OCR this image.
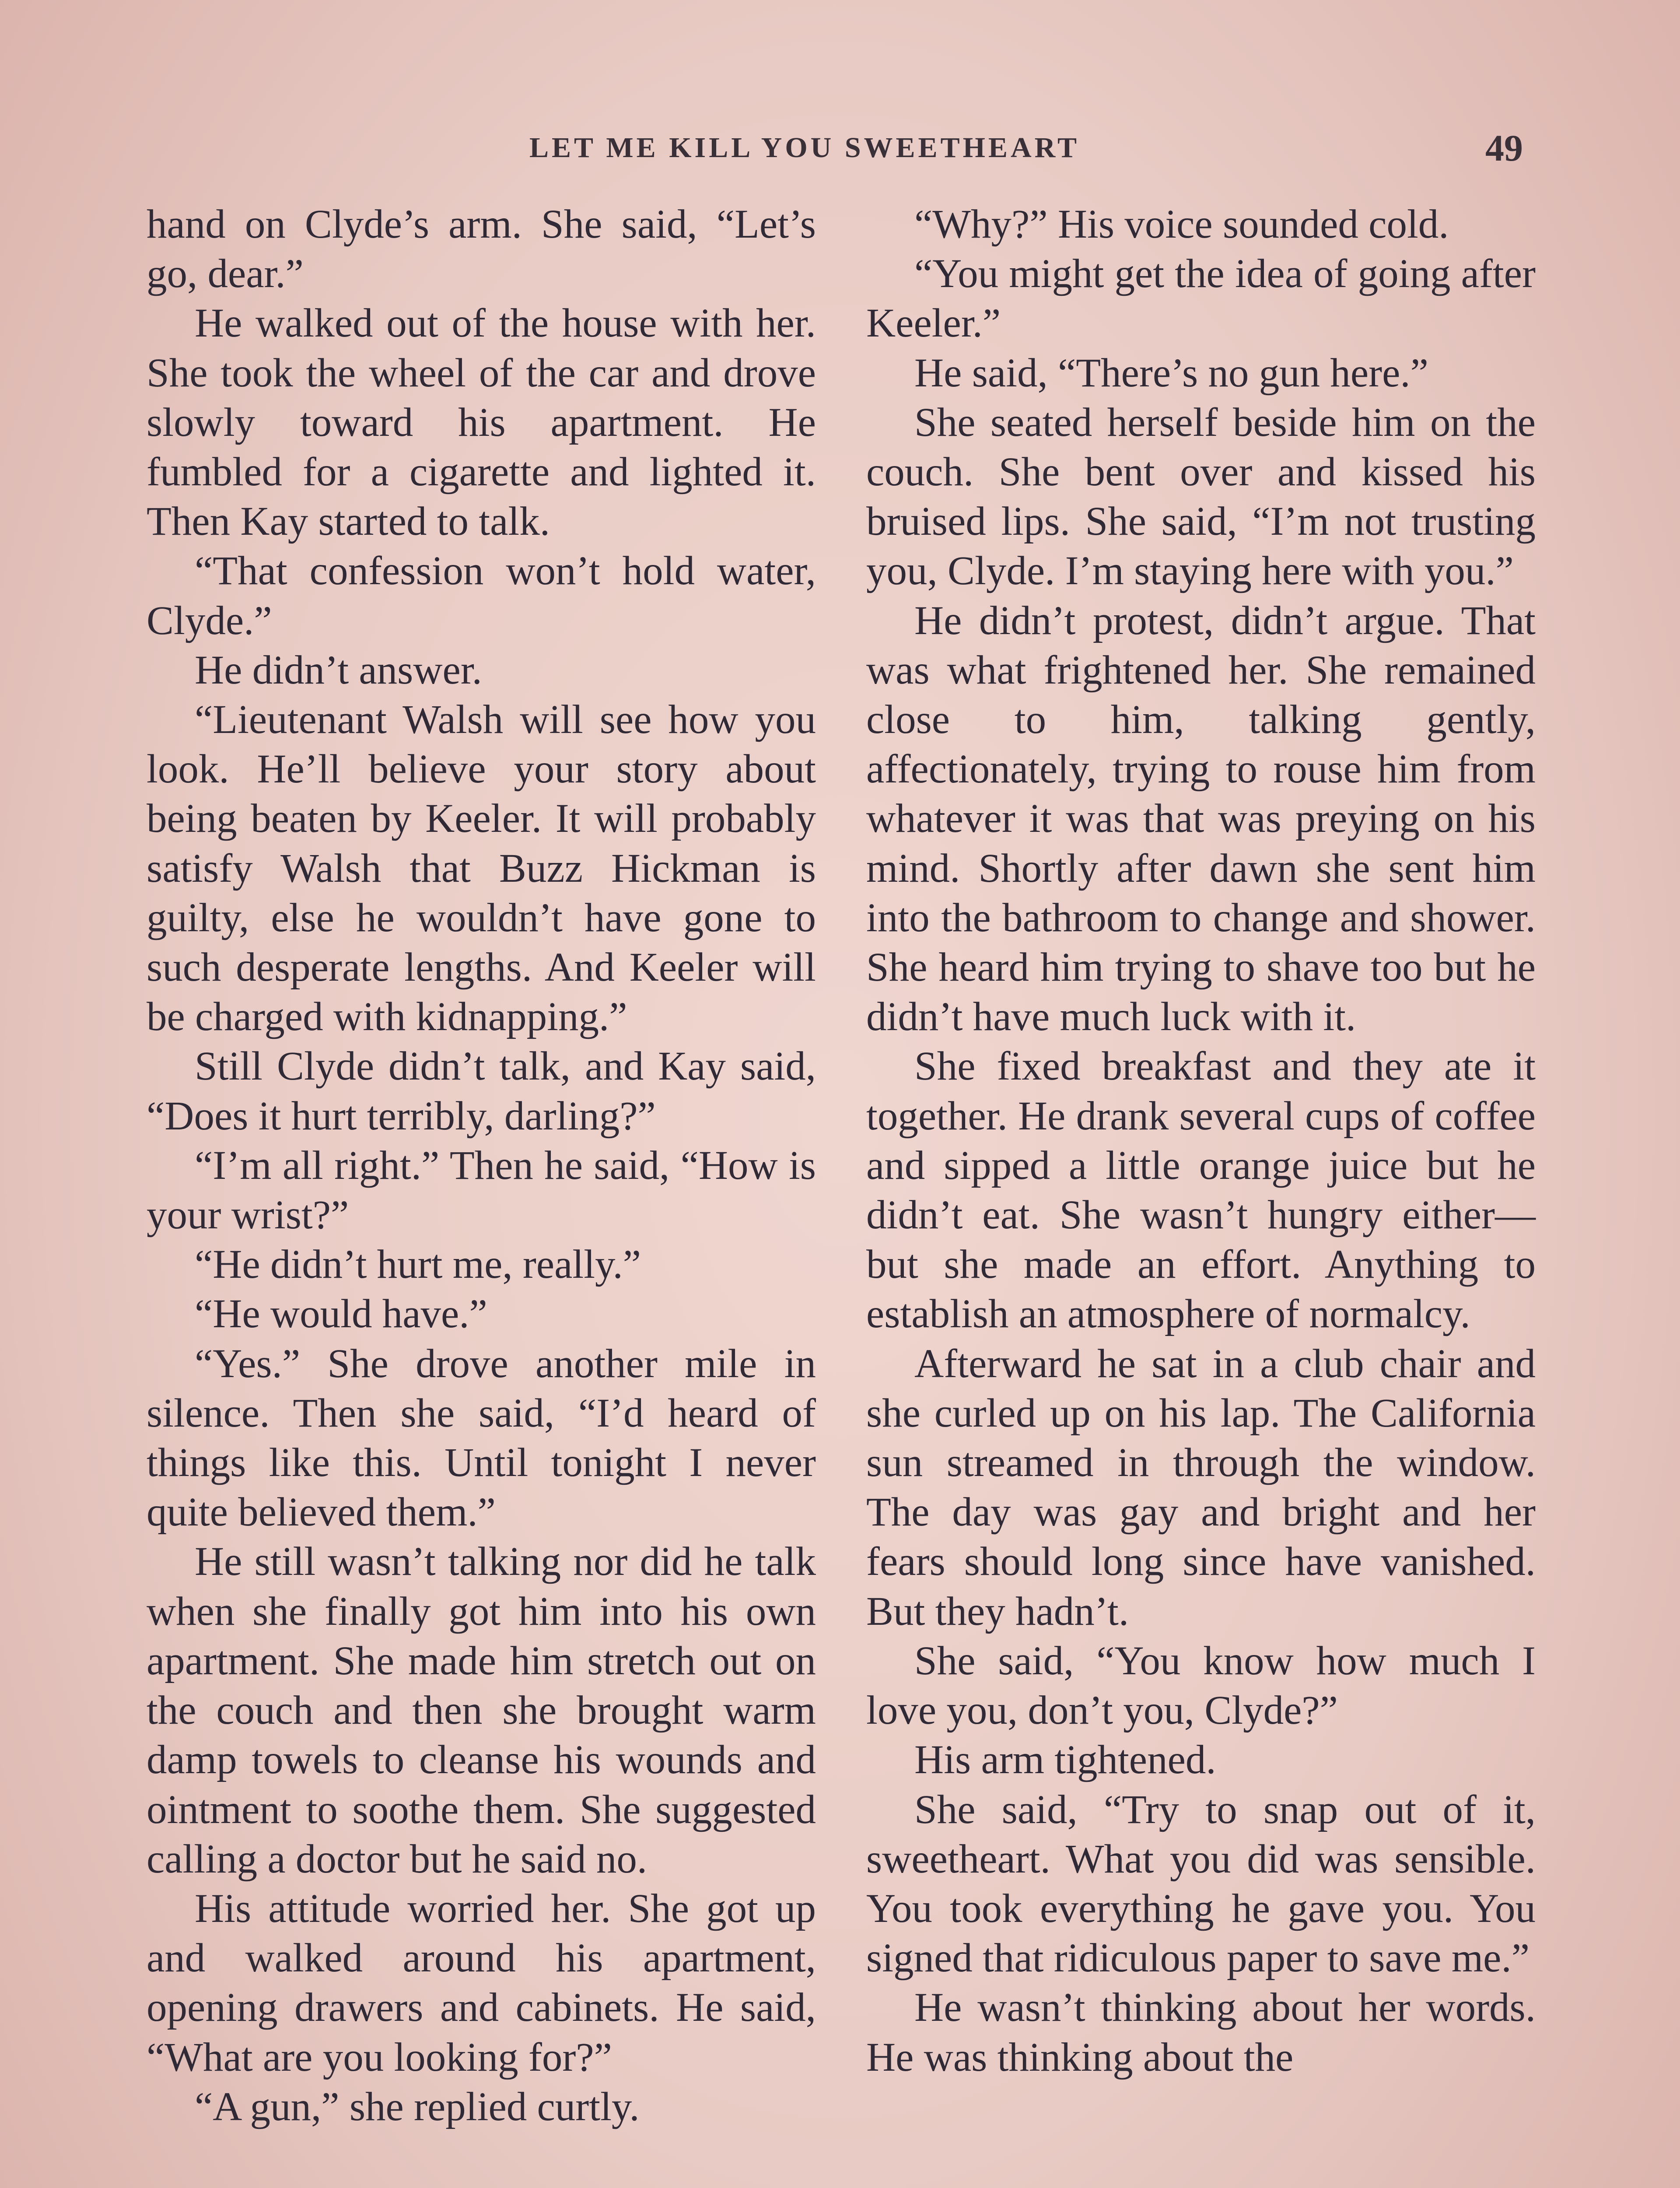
LET ME KILL YOU SWEETHEART	49

hand on Clyde’s arm. She said, “Let’s go, dear.”

He walked out of the house with her. She took the wheel of the car and drove slowly toward his apartment. He fumbled for a cigarette and lighted it. Then Kay started to talk.

“That confession won’t hold water, Clyde.”

He didn’t answer.

“Lieutenant Walsh will see how you look. He’ll believe your story about being beaten by Keeler. It will probably satisfy Walsh that Buzz Hickman is guilty, else he wouldn’t have gone to such desperate lengths. And Keeler will be charged with kidnapping.”

Still Clyde didn’t talk, and Kay said, “Does it hurt terribly, darling?”

“I’m all right.” Then he said, “How is your wrist?”

“He didn’t hurt me, really.”

“He would have.”

“Yes.” She drove another mile in silence. Then she said, “I’d heard of things like this. Until tonight I never quite believed them.”

He still wasn’t talking nor did he talk when she finally got him into his own apartment. She made him stretch out on the couch and then she brought warm damp towels to cleanse his wounds and ointment to soothe them. She suggested calling a doctor but he said no.

His attitude worried her. She got up and walked around his apartment, opening drawers and cabinets. He said, “What are you looking for?”

“A gun,” she replied curtly.

“Why?” His voice sounded cold.

“You might get the idea of going after Keeler.”

He said, “There’s no gun here.”

She seated herself beside him on the couch. She bent over and kissed his bruised lips. She said, “I’m not trusting you, Clyde. I’m staying here with you.”

He didn’t protest, didn’t argue. That was what frightened her. She remained close to him, talking gently, affectionately, trying to rouse him from whatever it was that was preying on his mind. Shortly after dawn she sent him into the bathroom to change and shower. She heard him trying to shave too but he didn’t have much luck with it.

She fixed breakfast and they ate it together. He drank several cups of coffee and sipped a little orange juice but he didn’t eat. She wasn’t hungry either—but she made an effort. Anything to establish an atmosphere of normalcy.

Afterward he sat in a club chair and she curled up on his lap. The California sun streamed in through the window. The day was gay and bright and her fears should long since have vanished. But they hadn’t.

She said, “You know how much I love you, don’t you, Clyde?”

His arm tightened.

She said, “Try to snap out of it, sweetheart. What you did was sensible. You took everything he gave you. You signed that ridiculous paper to save me.”

He wasn’t thinking about her words. He was thinking about the
